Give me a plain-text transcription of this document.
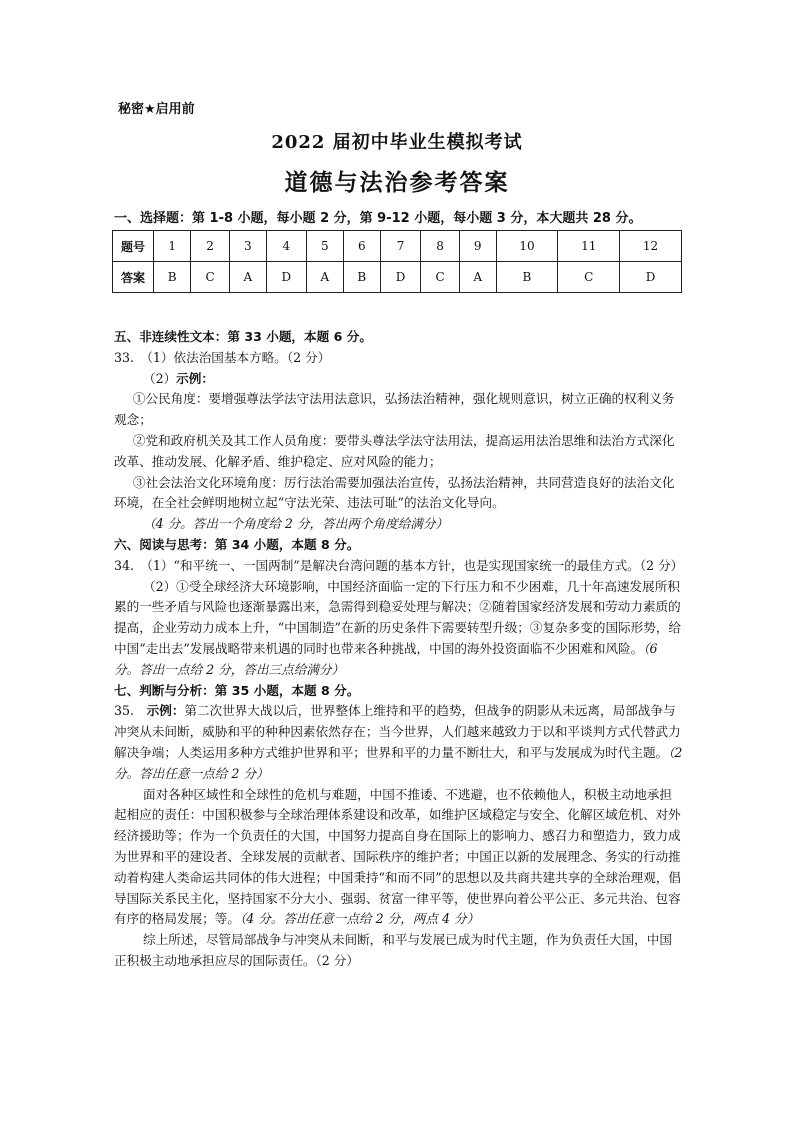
秘密★启用前
2022 届初中毕业生模拟考试
道德与法治参考答案
一、选择题：第 1-8 小题，每小题 2 分，第 9-12 小题，每小题 3 分，本大题共 28 分。
题号	1	2	3	4	5	6	7	8	9	10	11	12
答案	B	C	A	D	A	B	D	C	A	B	C	D

五、非连续性文本：第 33 小题，本题 6 分。

33.　（1）依法治国基本方略。（2 分）

（2）示例：

①公民角度：要增强尊法学法守法用法意识，弘扬法治精神，强化规则意识，树立正确的权利义务观念；

②党和政府机关及其工作人员角度：要带头尊法学法守法用法，提高运用法治思维和法治方式深化改革、推动发展、化解矛盾、维护稳定、应对风险的能力；

③社会法治文化环境角度：厉行法治需要加强法治宣传，弘扬法治精神，共同营造良好的法治文化环境，在全社会鲜明地树立起“守法光荣、违法可耻”的法治文化导向。

（4 分。答出一个角度给 2 分，答出两个角度给满分）

六、阅读与思考：第 34 小题，本题 8 分。

34.　（1）“和平统一、一国两制”是解决台湾问题的基本方针，也是实现国家统一的最佳方式。（2 分）

（2）①受全球经济大环境影响，中国经济面临一定的下行压力和不少困难，几十年高速发展所积累的一些矛盾与风险也逐渐暴露出来，急需得到稳妥处理与解决；②随着国家经济发展和劳动力素质的提高，企业劳动力成本上升，“中国制造”在新的历史条件下需要转型升级；③复杂多变的国际形势，给中国“走出去”发展战略带来机遇的同时也带来各种挑战，中国的海外投资面临不少困难和风险。（6 分。答出一点给 2 分，答出三点给满分）

七、判断与分析：第 35 小题，本题 8 分。

35.　示例：第二次世界大战以后，世界整体上维持和平的趋势，但战争的阴影从未远离，局部战争与冲突从未间断，威胁和平的种种因素依然存在；当今世界，人们越来越致力于以和平谈判方式代替武力解决争端；人类运用多种方式维护世界和平；世界和平的力量不断壮大，和平与发展成为时代主题。（2 分。答出任意一点给 2 分）

面对各种区域性和全球性的危机与难题，中国不推诿、不逃避，也不依赖他人，积极主动地承担起相应的责任：中国积极参与全球治理体系建设和改革，如维护区域稳定与安全、化解区域危机、对外经济援助等；作为一个负责任的大国，中国努力提高自身在国际上的影响力、感召力和塑造力，致力成为世界和平的建设者、全球发展的贡献者、国际秩序的维护者；中国正以新的发展理念、务实的行动推动着构建人类命运共同体的伟大进程；中国秉持“和而不同”的思想以及共商共建共享的全球治理观，倡导国际关系民主化，坚持国家不分大小、强弱、贫富一律平等，使世界向着公平公正、多元共治、包容有序的格局发展；等。（4 分。答出任意一点给 2 分，两点 4 分）

综上所述，尽管局部战争与冲突从未间断，和平与发展已成为时代主题，作为负责任大国，中国正积极主动地承担应尽的国际责任。（2 分）
